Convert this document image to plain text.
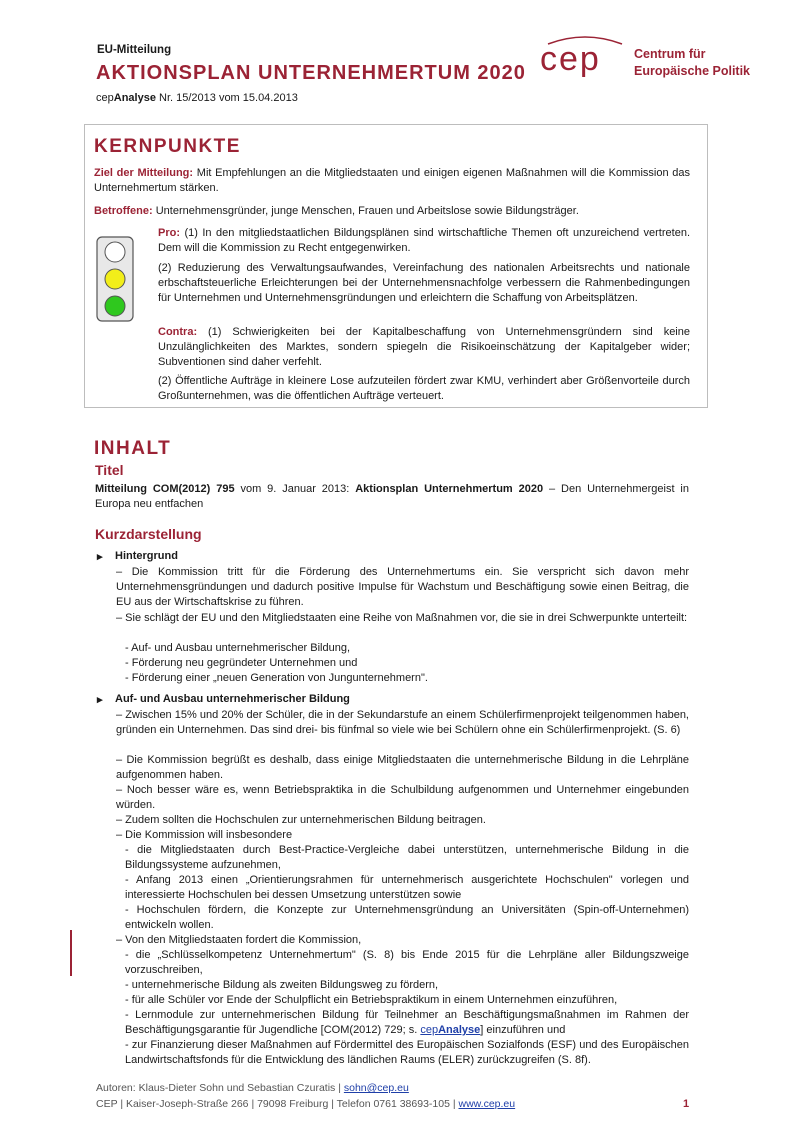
EU-Mitteilung
AKTIONSPLAN UNTERNEHMERTUM 2020
cepAnalyse Nr. 15/2013 vom 15.04.2013
cep	Centrum für
Europäische Politik
KERNPUNKTE
Ziel der Mitteilung: Mit Empfehlungen an die Mitgliedstaaten und einigen eigenen Maßnahmen will die Kommission das Unternehmertum stärken.
Betroffene: Unternehmensgründer, junge Menschen, Frauen und Arbeitslose sowie Bildungsträger.
Pro: (1) In den mitgliedstaatlichen Bildungsplänen sind wirtschaftliche Themen oft unzureichend vertreten. Dem will die Kommission zu Recht entgegenwirken.
(2) Reduzierung des Verwaltungsaufwandes, Vereinfachung des nationalen Arbeitsrechts und nationale erbschaftsteuerliche Erleichterungen bei der Unternehmensnachfolge verbessern die Rahmenbedingungen für Unternehmen und Unternehmensgründungen und erleichtern die Schaffung von Arbeitsplätzen.
Contra: (1) Schwierigkeiten bei der Kapitalbeschaffung von Unternehmensgründern sind keine Unzulänglichkeiten des Marktes, sondern spiegeln die Risikoeinschätzung der Kapitalgeber wider; Subventionen sind daher verfehlt.
(2) Öffentliche Aufträge in kleinere Lose aufzuteilen fördert zwar KMU, verhindert aber Größenvorteile durch Großunternehmen, was die öffentlichen Aufträge verteuert.
INHALT
Titel
Mitteilung COM(2012) 795 vom 9. Januar 2013: Aktionsplan Unternehmertum 2020 – Den Unternehmergeist in Europa neu entfachen
Kurzdarstellung
▸ Hintergrund
– Die Kommission tritt für die Förderung des Unternehmertums ein. Sie verspricht sich davon mehr Unternehmensgründungen und dadurch positive Impulse für Wachstum und Beschäftigung sowie einen Beitrag, die EU aus der Wirtschaftskrise zu führen.
– Sie schlägt der EU und den Mitgliedstaaten eine Reihe von Maßnahmen vor, die sie in drei Schwerpunkte unterteilt:
- Auf- und Ausbau unternehmerischer Bildung,
- Förderung neu gegründeter Unternehmen und
- Förderung einer „neuen Generation von Jungunternehmern".
▸ Auf- und Ausbau unternehmerischer Bildung
– Zwischen 15% und 20% der Schüler, die in der Sekundarstufe an einem Schülerfirmenprojekt teilgenommen haben, gründen ein Unternehmen. Das sind drei- bis fünfmal so viele wie bei Schülern ohne ein Schülerfirmenprojekt. (S. 6)
– Die Kommission begrüßt es deshalb, dass einige Mitgliedstaaten die unternehmerische Bildung in die Lehrpläne aufgenommen haben.
– Noch besser wäre es, wenn Betriebspraktika in die Schulbildung aufgenommen und Unternehmer eingebunden würden.
– Zudem sollten die Hochschulen zur unternehmerischen Bildung beitragen.
– Die Kommission will insbesondere
- die Mitgliedstaaten durch Best-Practice-Vergleiche dabei unterstützen, unternehmerische Bildung in die Bildungssysteme aufzunehmen,
- Anfang 2013 einen „Orientierungsrahmen für unternehmerisch ausgerichtete Hochschulen" vorlegen und interessierte Hochschulen bei dessen Umsetzung unterstützen sowie
- Hochschulen fördern, die Konzepte zur Unternehmensgründung an Universitäten (Spin-off-Unternehmen) entwickeln wollen.
– Von den Mitgliedstaaten fordert die Kommission,
- die „Schlüsselkompetenz Unternehmertum" (S. 8) bis Ende 2015 für die Lehrpläne aller Bildungszweige vorzuschreiben,
- unternehmerische Bildung als zweiten Bildungsweg zu fördern,
- für alle Schüler vor Ende der Schulpflicht ein Betriebspraktikum in einem Unternehmen einzuführen,
- Lernmodule zur unternehmerischen Bildung für Teilnehmer an Beschäftigungsmaßnahmen im Rahmen der Beschäftigungsgarantie für Jugendliche [COM(2012) 729; s. cepAnalyse] einzuführen und
- zur Finanzierung dieser Maßnahmen auf Fördermittel des Europäischen Sozialfonds (ESF) und des Europäischen Landwirtschaftsfonds für die Entwicklung des ländlichen Raums (ELER) zurückzugreifen (S. 8f).
Autoren: Klaus-Dieter Sohn und Sebastian Czuratis | sohn@cep.eu
CEP | Kaiser-Joseph-Straße 266 | 79098 Freiburg | Telefon 0761 38693-105 | www.cep.eu	1
